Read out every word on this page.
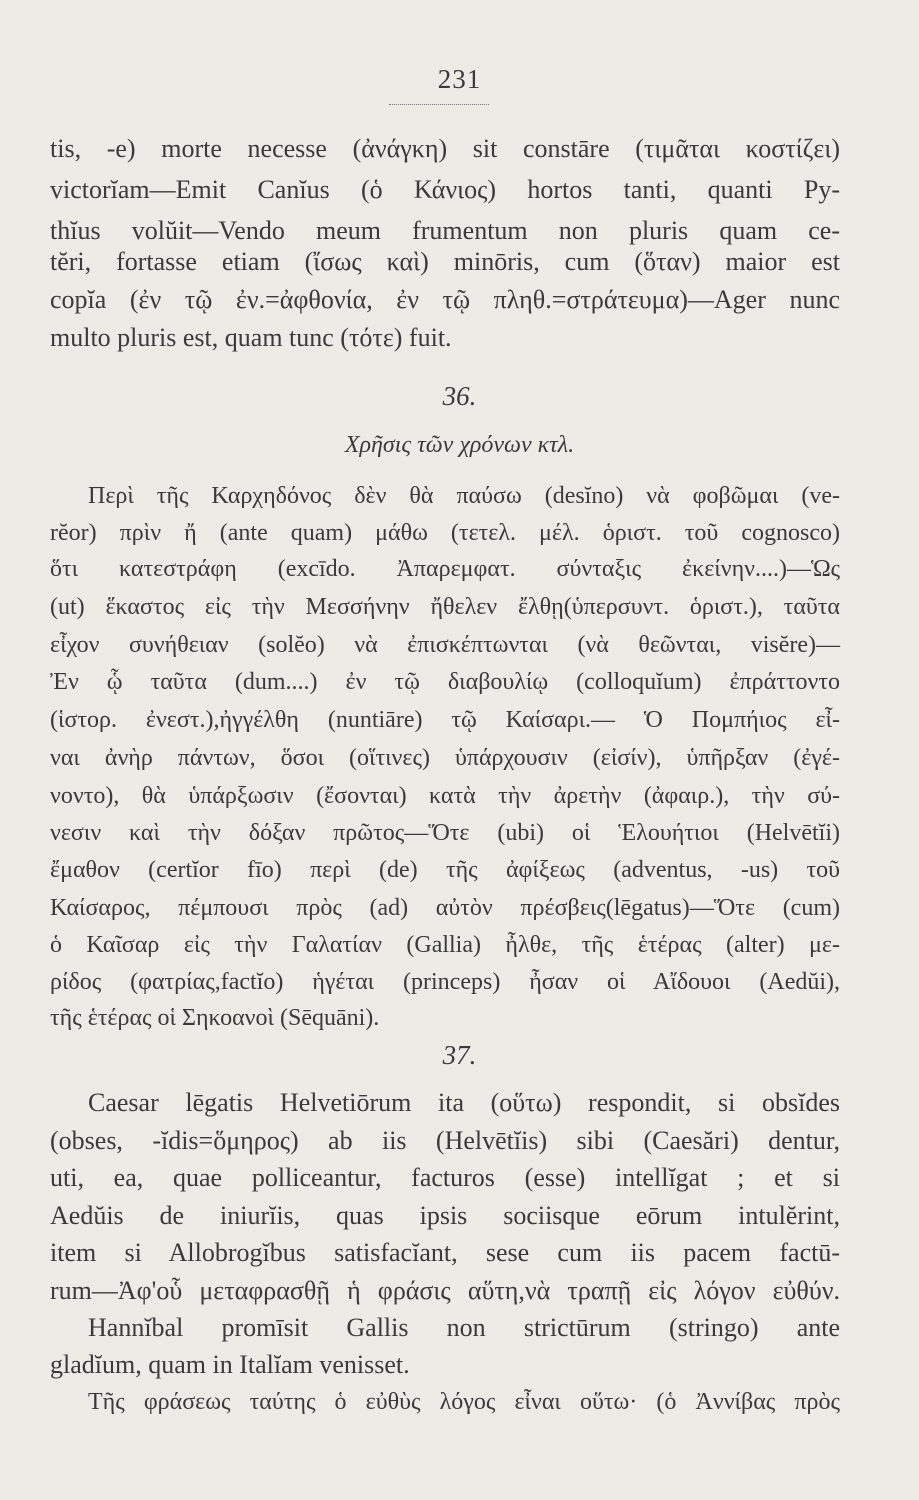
231
tis, -e) morte necesse (ἀνάγκη) sit constāre (τιμᾶται κοστίζει)
victorĭam—Emit Canĭus (ὁ Κάνιος) hortos tanti, quanti Py-
thĭus volŭit—Vendo meum frumentum non pluris quam ce-
tĕri, fortasse etiam (ἴσως καὶ) minōris, cum (ὅταν) maior est
copĭa (ἐν τῷ ἐν.=ἀφθονία, ἐν τῷ πληθ.=στράτευμα)—Ager nunc
multo pluris est, quam tunc (τότε) fuit.
36.
Χρῆσις τῶν χρόνων κτλ.
Περὶ τῆς Καρχηδόνος δὲν θὰ παύσω (desĭno) νὰ φοβῶμαι (ve-
rĕor) πρὶν ἤ (ante quam) μάθω (τετελ. μέλ. ὁριστ. τοῦ cognosco)
ὅτι κατεστράφη (excīdo. Ἀπαρεμφατ. σύνταξις ἐκείνην....)—Ὡς
(ut) ἕκαστος εἰς τὴν Μεσσήνην ἤθελεν ἔλθῃ(ὑπερσυντ. ὁριστ.), ταῦτα
εἶχον συνήθειαν (solĕo) νὰ ἐπισκέπτωνται (νὰ θεῶνται, visĕre)—
Ἐν ᾧ ταῦτα (dum....) ἐν τῷ διαβουλίῳ (colloquĭum) ἐπράττοντο
(ἱστορ. ἐνεστ.),ἠγγέλθη (nuntiāre) τῷ Καίσαρι.— Ὁ Πομπήιος εἶ-
ναι ἀνὴρ πάντων, ὅσοι (οἵτινες) ὑπάρχουσιν (εἰσίν), ὑπῆρξαν (ἐγέ-
νοντο), θὰ ὑπάρξωσιν (ἔσονται) κατὰ τὴν ἀρετὴν (ἀφαιρ.), τὴν σύ-
νεσιν καὶ τὴν δόξαν πρῶτος—Ὅτε (ubi) οἱ Ἑλουήτιοι (Helvētĭi)
ἔμαθον (certĭor fīo) περὶ (de) τῆς ἀφίξεως (adventus, -us) τοῦ
Καίσαρος, πέμπουσι πρὸς (ad) αὐτὸν πρέσβεις(lēgatus)—Ὅτε (cum)
ὁ Καῖσαρ εἰς τὴν Γαλατίαν (Gallia) ἦλθε, τῆς ἑτέρας (alter) με-
ρίδος (φατρίας,factĭo) ἡγέται (princeps) ἦσαν οἱ Αἴδουοι (Aedŭi),
τῆς ἑτέρας οἱ Σηκοανοὶ (Sēquāni).
37.
Caesar lēgatis Helvetiōrum ita (οὕτω) respondit, si obsĭdes
(obses, -ĭdis=ὅμηρος) ab iis (Helvētĭis) sibi (Caesări) dentur,
uti, ea, quae polliceantur, facturos (esse) intellĭgat ; et si
Aedŭis de iniurĭis, quas ipsis sociisque eōrum intulĕrint,
item si Allobrogĭbus satisfacĭant, sese cum iis pacem factū-
rum—Ἀφ'οὗ μεταφρασθῇ ἡ φράσις αὕτη,νὰ τραπῇ εἰς λόγον εὐθύν.
Hannĭbal promīsit Gallis non strictūrum (stringo) ante
gladĭum, quam in Italĭam venisset.
Τῆς φράσεως ταύτης ὁ εὐθὺς λόγος εἶναι οὕτω· (ὁ Ἀννίβας πρὸς
